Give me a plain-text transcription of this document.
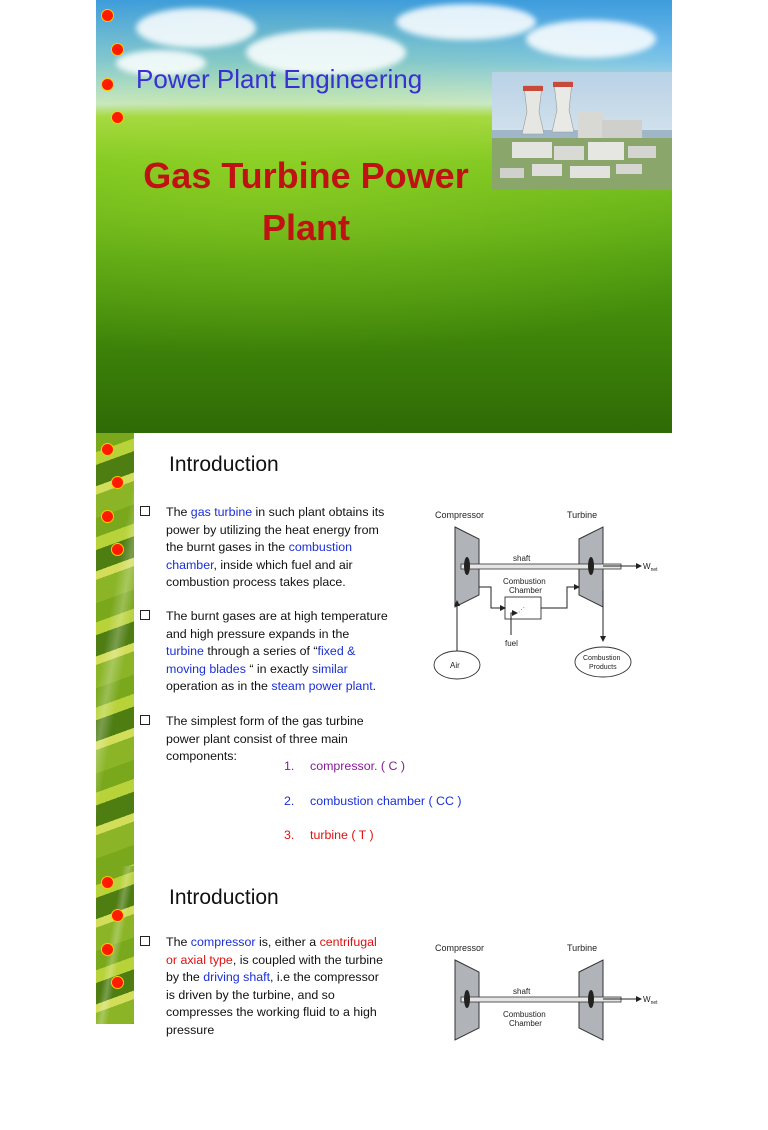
Power Plant Engineering
Gas Turbine Power
Plant
Introduction
The gas turbine in such plant obtains its power by utilizing the heat energy from the burnt gases in the combustion chamber, inside which fuel and air combustion process takes place.
The burnt gases are at high temperature and high pressure expands in the turbine through a series of “fixed & moving blades “ in exactly similar operation as in the steam power plant.
The simplest form of the gas turbine power plant consist of three main components:
1. compressor. ( C )
2. combustion chamber ( CC )
3. turbine ( T )
Compressor	Turbine
shaft
$W_{net}$
Combustion
Chamber
⋰
fuel
Air
Combustion
Products
Introduction
The compressor is, either a centrifugal or axial type, is coupled with the turbine by the driving shaft, i.e the compressor is driven by the turbine, and so compresses the working fluid to a high pressure
Compressor	Turbine
shaft
$W_{net}$
Combustion
Chamber
